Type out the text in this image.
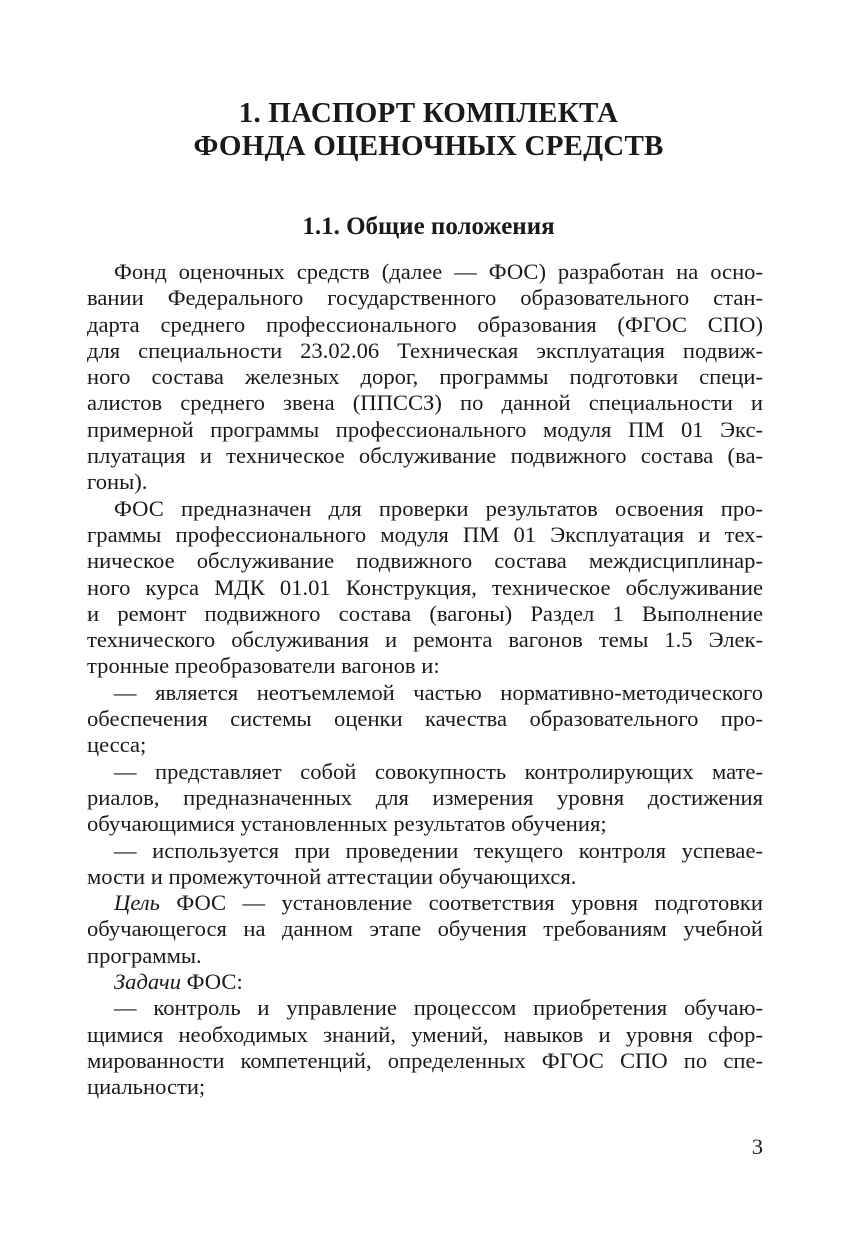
1. ПАСПОРТ КОМПЛЕКТА
ФОНДА ОЦЕНОЧНЫХ СРЕДСТВ
1.1. Общие положения
Фонд оценочных средств (далее — ФОС) разработан на осно-
вании Федерального государственного образовательного стан-
дарта среднего профессионального образования (ФГОС СПО)
для специальности 23.02.06 Техническая эксплуатация подвиж-
ного состава железных дорог, программы подготовки специ-
алистов среднего звена (ППССЗ) по данной специальности и
примерной программы профессионального модуля ПМ 01 Экс-
плуатация и техническое обслуживание подвижного состава (ва-
гоны).
ФОС предназначен для проверки результатов освоения про-
граммы профессионального модуля ПМ 01 Эксплуатация и тех-
ническое обслуживание подвижного состава междисциплинар-
ного курса МДК 01.01 Конструкция, техническое обслуживание
и ремонт подвижного состава (вагоны) Раздел 1 Выполнение
технического обслуживания и ремонта вагонов темы 1.5 Элек-
тронные преобразователи вагонов и:
— является неотъемлемой частью нормативно-методического
обеспечения системы оценки качества образовательного про-
цесса;
— представляет собой совокупность контролирующих мате-
риалов, предназначенных для измерения уровня достижения
обучающимися установленных результатов обучения;
— используется при проведении текущего контроля успевае-
мости и промежуточной аттестации обучающихся.
Цель ФОС — установление соответствия уровня подготовки
обучающегося на данном этапе обучения требованиям учебной
программы.
Задачи ФОС:
— контроль и управление процессом приобретения обучаю-
щимися необходимых знаний, умений, навыков и уровня сфор-
мированности компетенций, определенных ФГОС СПО по спе-
циальности;
3
